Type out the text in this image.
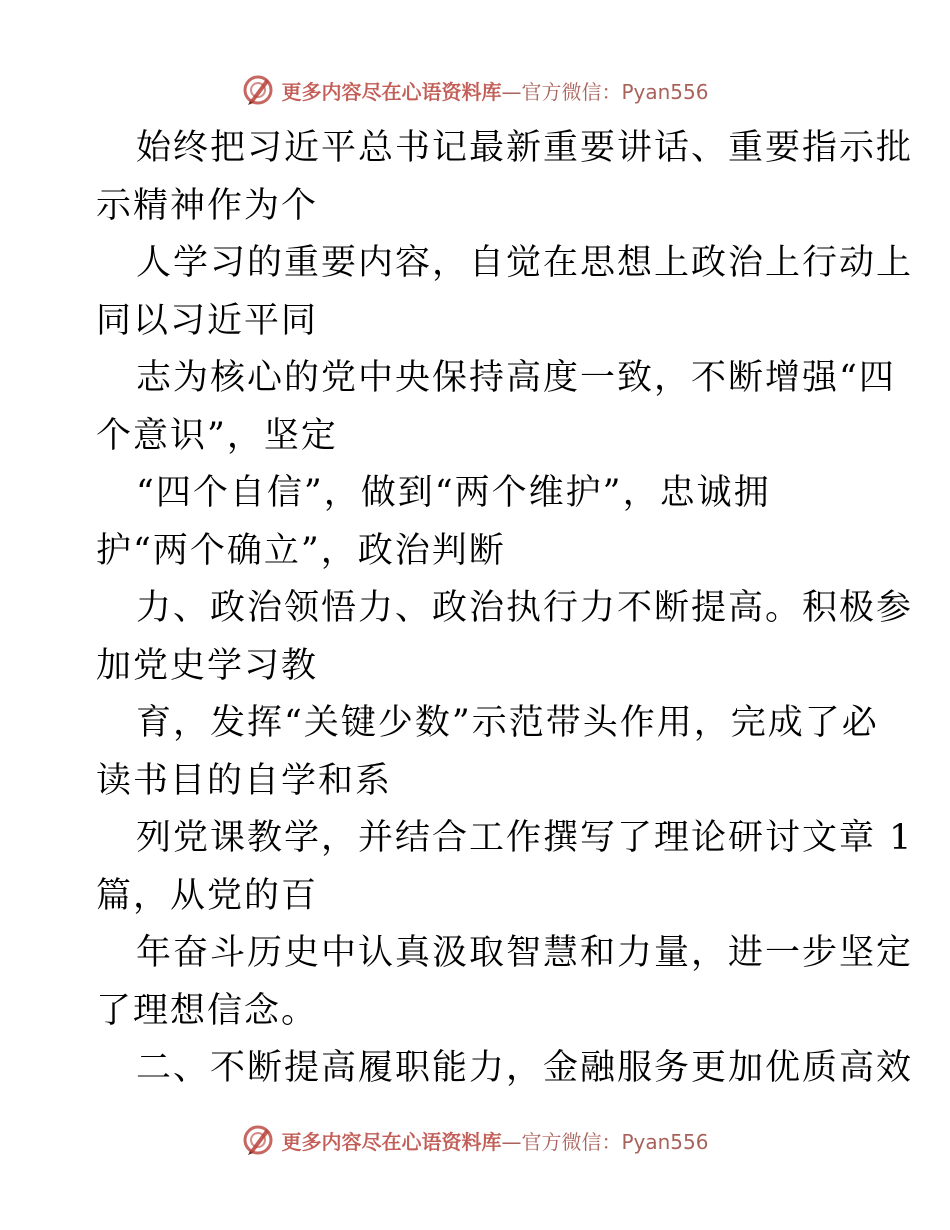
更多内容尽在心语资料库—官方微信：Pyan556
始终把习近平总书记最新重要讲话、重要指示批
示精神作为个
人学习的重要内容，自觉在思想上政治上行动上
同以习近平同
志为核心的党中央保持高度一致，不断增强“四
个意识”，坚定
“四个自信”，做到“两个维护”，忠诚拥
护“两个确立”，政治判断
力、政治领悟力、政治执行力不断提高。积极参
加党史学习教
育，发挥“关键少数”示范带头作用，完成了必
读书目的自学和系
列党课教学，并结合工作撰写了理论研讨文章 1
篇，从党的百
年奋斗历史中认真汲取智慧和力量，进一步坚定
了理想信念。
二、不断提高履职能力，金融服务更加优质高效
更多内容尽在心语资料库—官方微信：Pyan556
